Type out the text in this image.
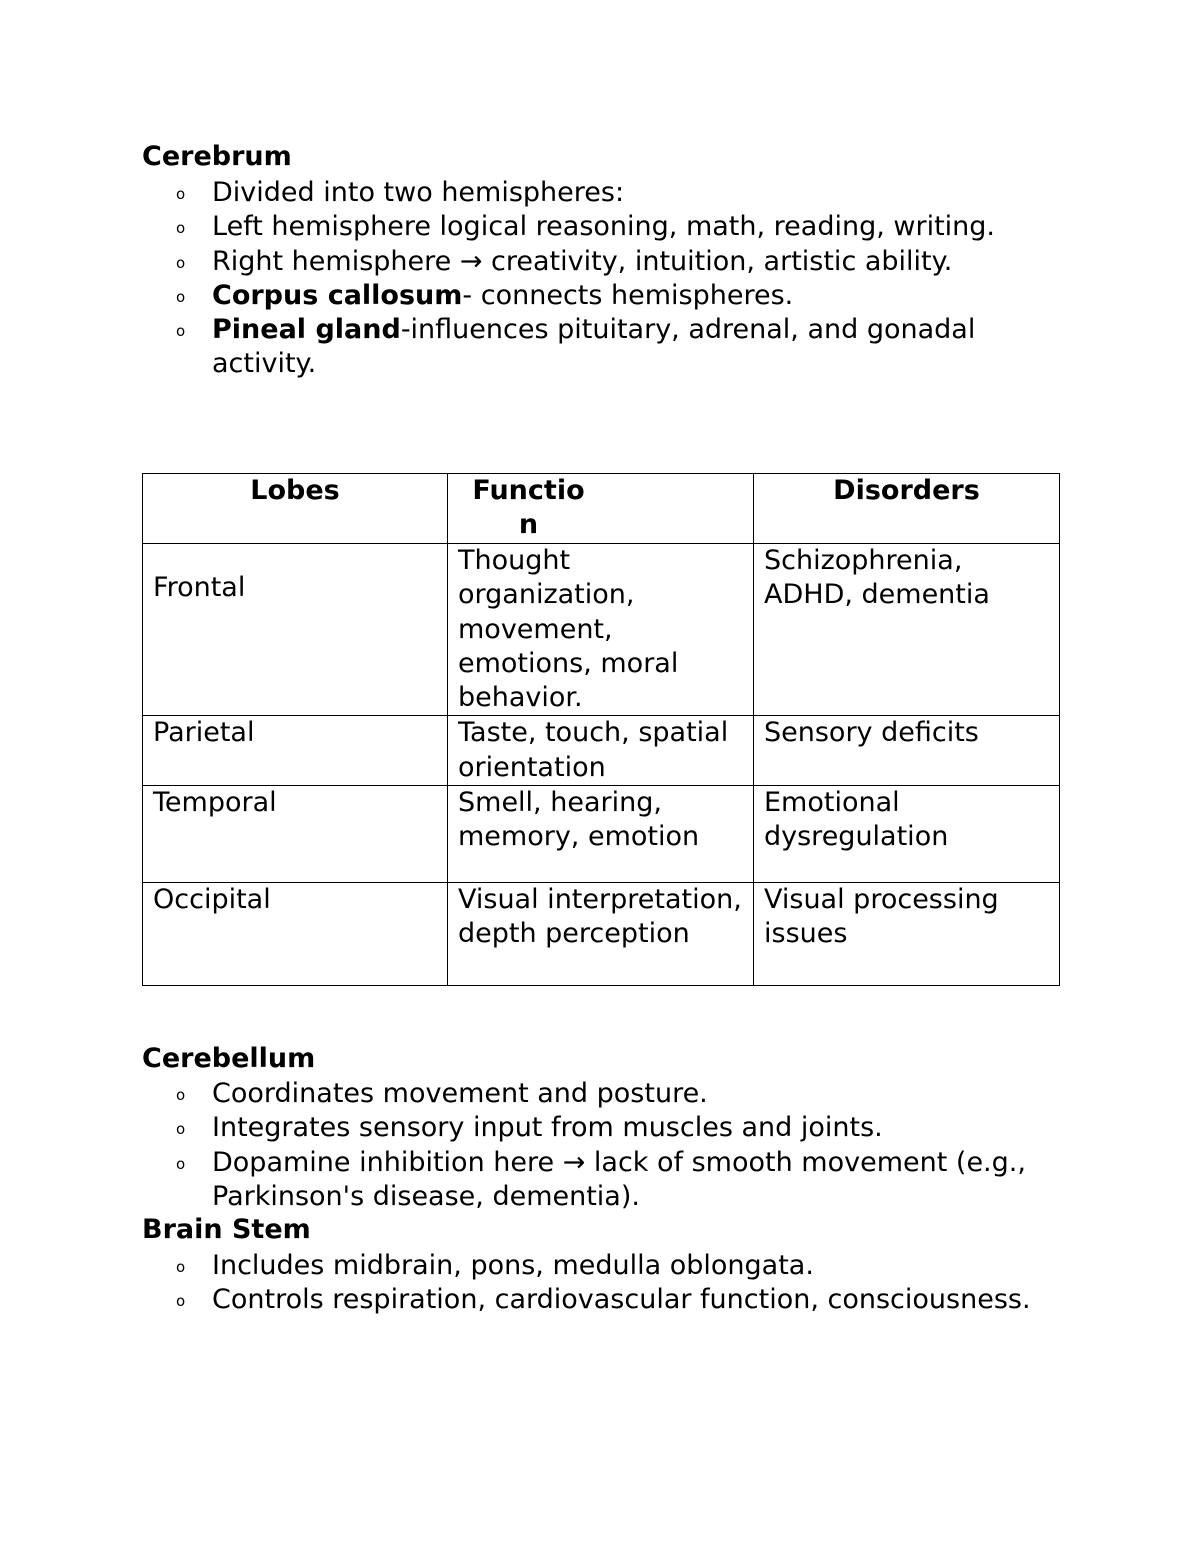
Cerebrum
o
Divided into two hemispheres:
o
Left hemisphere logical reasoning, math, reading, writing.
o
Right hemisphere → creativity, intuition, artistic ability.
o
Corpus callosum- connects hemispheres.
o
Pineal gland-influences pituitary, adrenal, and gonadal activity.
Lobes	Function	Disorders
Frontal	Thought organization, movement, emotions, moral behavior.	Schizophrenia, ADHD, dementia
Parietal	Taste, touch, spatial orientation	Sensory deficits
Temporal	Smell, hearing, memory, emotion	Emotional dysregulation
Occipital	Visual interpretation, depth perception	Visual processing issues
Cerebellum
o
Coordinates movement and posture.
o
Integrates sensory input from muscles and joints.
o
Dopamine inhibition here → lack of smooth movement (e.g., Parkinson's disease, dementia).
Brain Stem
o
Includes midbrain, pons, medulla oblongata.
o
Controls respiration, cardiovascular function, consciousness.
